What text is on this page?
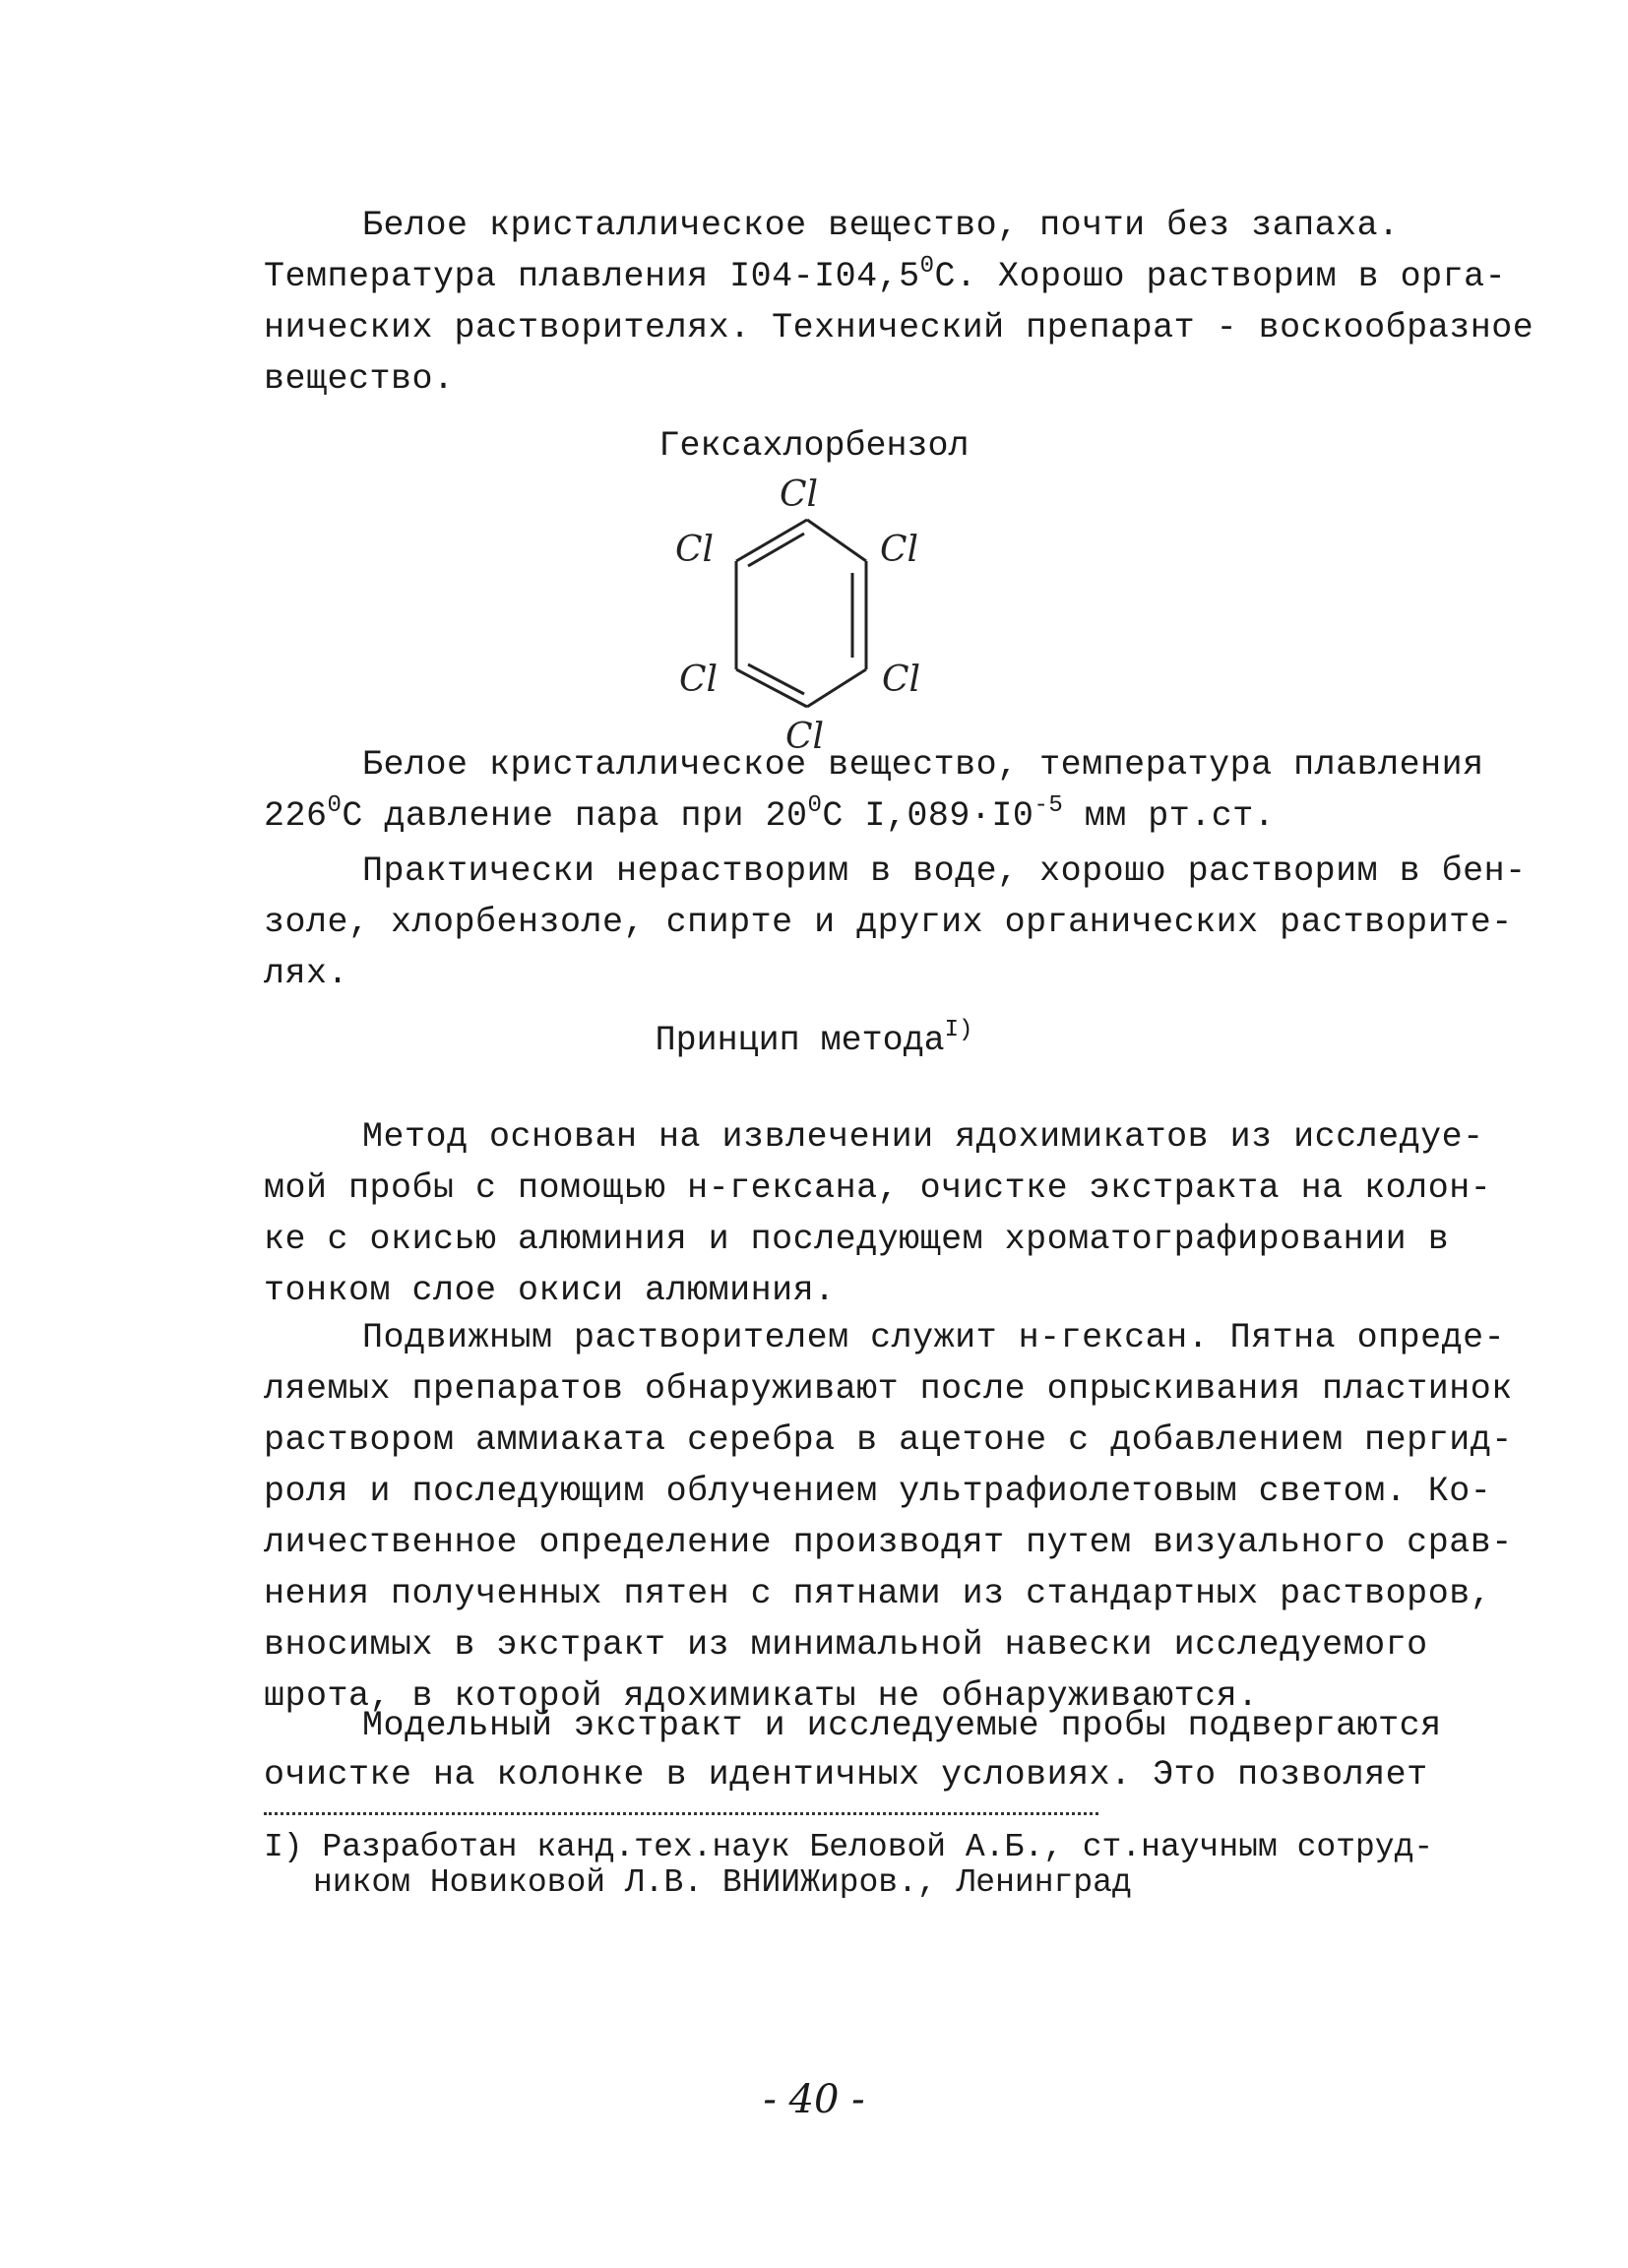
Белое кристаллическое вещество, почти без запаха.
Температура плавления I04-I04,5$^0$С. Хорошо растворим в орга-
нических растворителях. Технический препарат - воскообразное
вещество.
Гексахлорбензол
Cl
Cl	Cl
Cl	Cl
Cl
Белое кристаллическое вещество, температура плавления
$226^0С$ давление пара при $20^0С$ $I,089\cdot I0^{-5}$ мм рт.ст.
Практически нерастворим в воде, хорошо растворим в бен-
золе, хлорбензоле, спирте и других органических растворите-
лях.
Принцип метода$^{I)}$
Метод основан на извлечении ядохимикатов из исследуе-
мой пробы с помощью н-гексана, очистке экстракта на колон-
ке с окисью алюминия и последующем хроматографировании в
тонком слое окиси алюминия.
Подвижным растворителем служит н-гексан. Пятна опреде-
ляемых препаратов обнаруживают после опрыскивания пластинок
раствором аммиаката серебра в ацетоне с добавлением пергид-
роля и последующим облучением ультрафиолетовым светом. Ко-
личественное определение производят путем визуального срав-
нения полученных пятен с пятнами из стандартных растворов,
вносимых в экстракт из минимальной навески исследуемого
шрота, в которой ядохимикаты не обнаруживаются.
Модельный экстракт и исследуемые пробы подвергаются
очистке на колонке в идентичных условиях. Это позволяет
I) Разработан канд.тех.наук Беловой А.Б., ст.научным сотруд-
ником Новиковой Л.В. ВНИИЖиров., Ленинград
- 40 -
